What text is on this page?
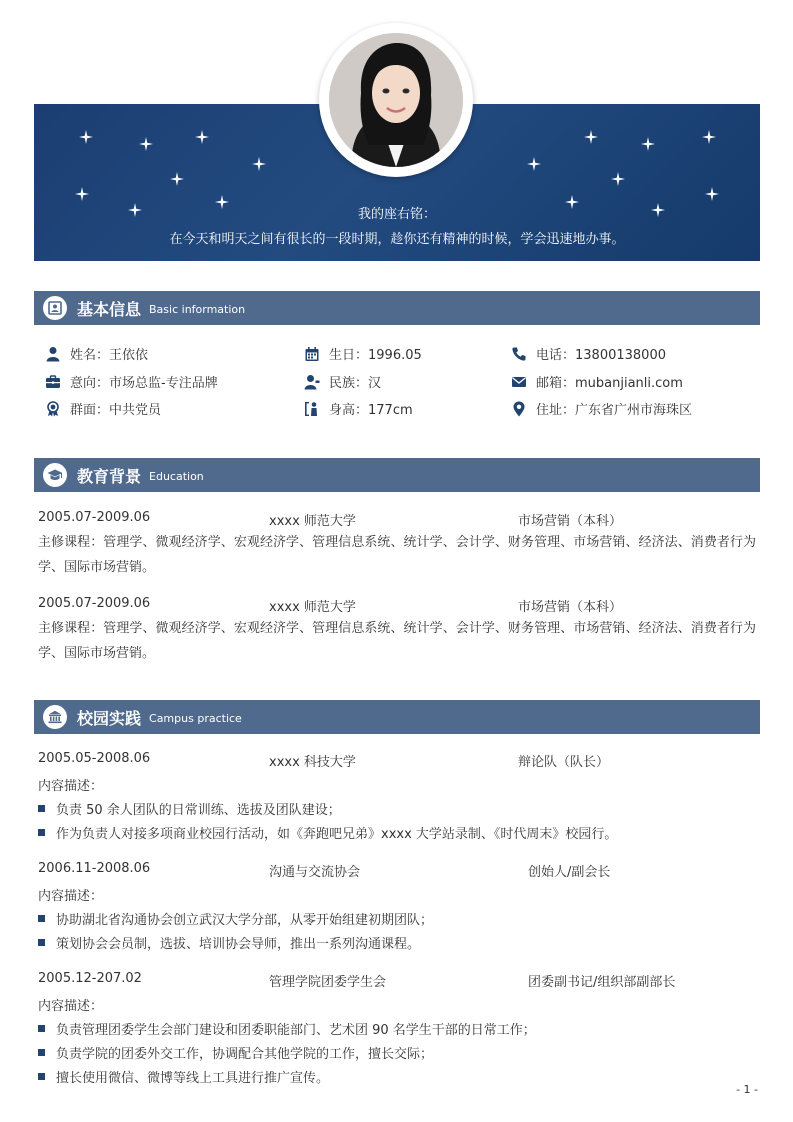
我的座右铭：
在今天和明天之间有很长的一段时期，趁你还有精神的时候，学会迅速地办事。
基本信息 Basic information
姓名：王依依	生日：1996.05	电话：13800138000
意向：市场总监-专注品牌	民族：汉	邮箱：mubanjianli.com
群面：中共党员	身高：177cm	住址：广东省广州市海珠区
教育背景 Education
2005.07-2009.06	xxxx 师范大学	市场营销（本科）
主修课程：管理学、微观经济学、宏观经济学、管理信息系统、统计学、会计学、财务管理、市场营销、经济法、消费者行为学、国际市场营销。
2005.07-2009.06	xxxx 师范大学	市场营销（本科）
主修课程：管理学、微观经济学、宏观经济学、管理信息系统、统计学、会计学、财务管理、市场营销、经济法、消费者行为学、国际市场营销。
校园实践 Campus practice
2005.05-2008.06	xxxx 科技大学	辩论队（队长）
内容描述：
负责 50 余人团队的日常训练、选拔及团队建设；
作为负责人对接多项商业校园行活动，如《奔跑吧兄弟》xxxx 大学站录制、《时代周末》校园行。
2006.11-2008.06	沟通与交流协会	创始人/副会长
内容描述：
协助湖北省沟通协会创立武汉大学分部，从零开始组建初期团队；
策划协会会员制，选拔、培训协会导师，推出一系列沟通课程。
2005.12-207.02	管理学院团委学生会	团委副书记/组织部副部长
内容描述：
负责管理团委学生会部门建设和团委职能部门、艺术团 90 名学生干部的日常工作；
负责学院的团委外交工作，协调配合其他学院的工作，擅长交际；
擅长使用微信、微博等线上工具进行推广宣传。
- 1 -
